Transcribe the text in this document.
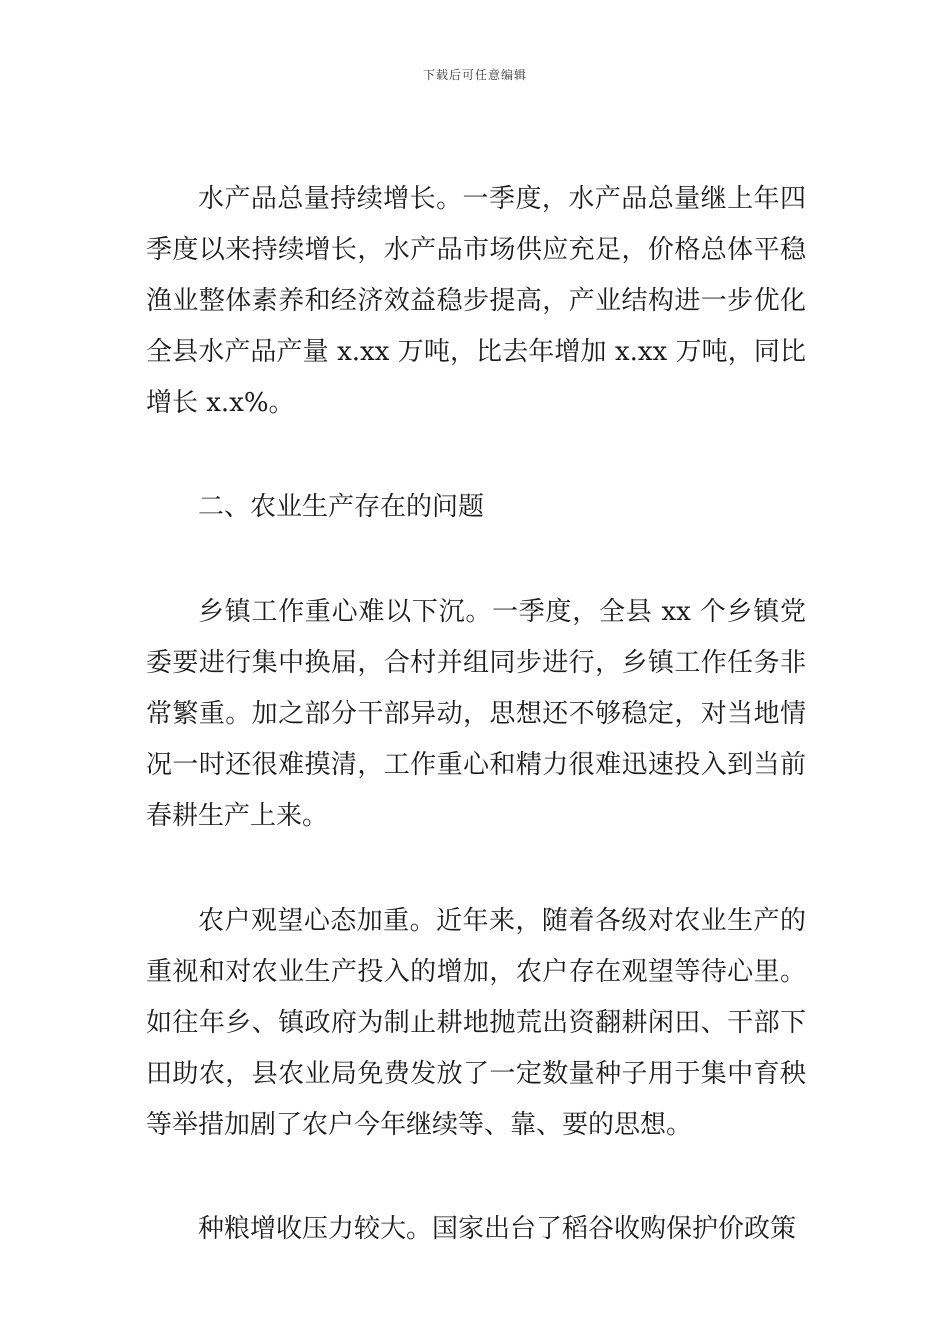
下载后可任意编辑

水产品总量持续增长。一季度，水产品总量继上年四季度以来持续增长，水产品市场供应充足，价格总体平稳渔业整体素养和经济效益稳步提高，产业结构进一步优化全县水产品产量 x.xx 万吨，比去年增加 x.xx 万吨，同比增长 x.x%。

二、农业生产存在的问题

乡镇工作重心难以下沉。一季度，全县 xx 个乡镇党委要进行集中换届，合村并组同步进行，乡镇工作任务非常繁重。加之部分干部异动，思想还不够稳定，对当地情况一时还很难摸清，工作重心和精力很难迅速投入到当前春耕生产上来。

农户观望心态加重。近年来，随着各级对农业生产的重视和对农业生产投入的增加，农户存在观望等待心里。如往年乡、镇政府为制止耕地抛荒出资翻耕闲田、干部下田助农，县农业局免费发放了一定数量种子用于集中育秧等举措加剧了农户今年继续等、靠、要的思想。

种粮增收压力较大。国家出台了稻谷收购保护价政策
